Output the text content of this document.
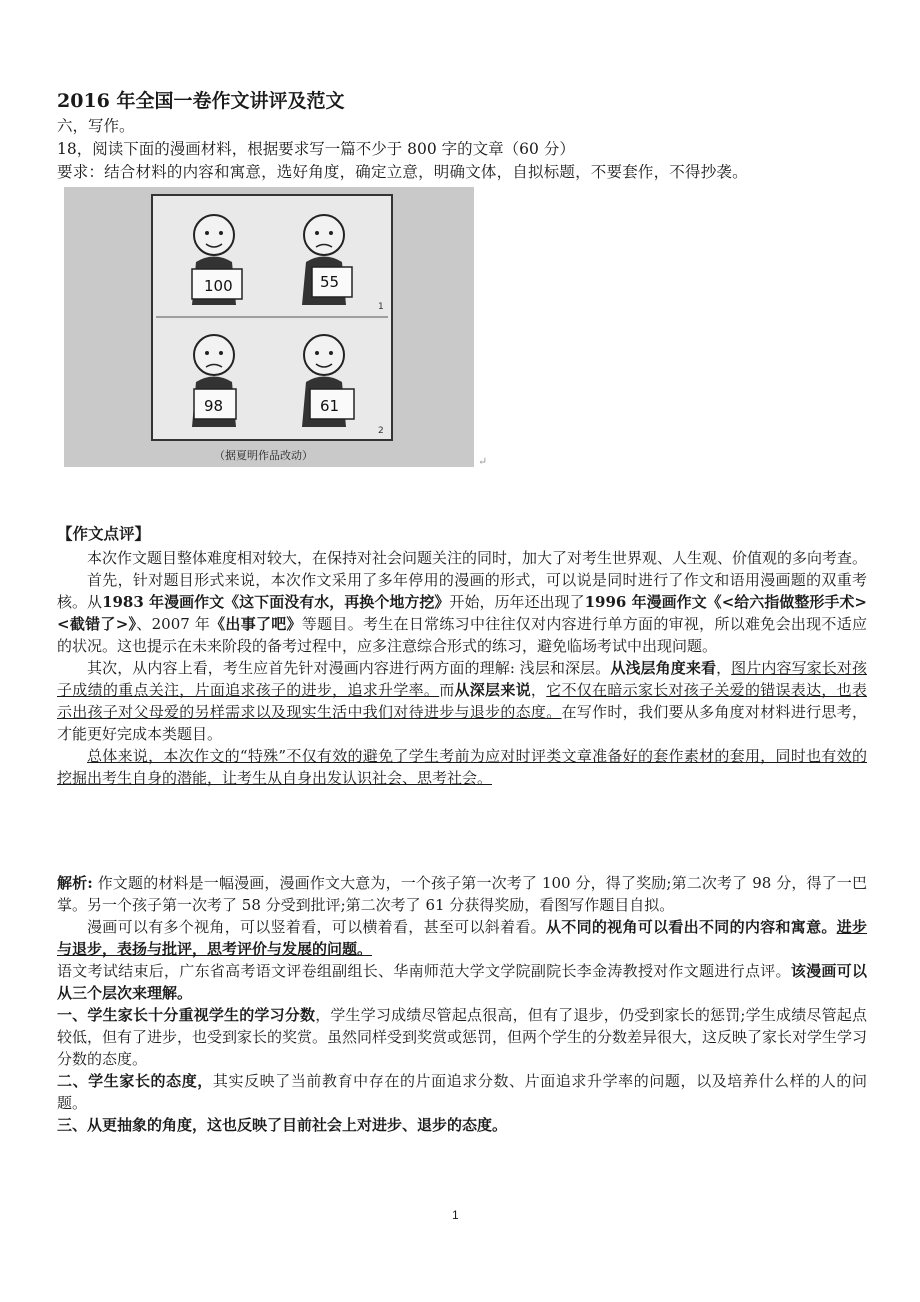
2016 年全国一卷作文讲评及范文
六，写作。
18，阅读下面的漫画材料，根据要求写一篇不少于 800 字的文章（60 分）
要求：结合材料的内容和寓意，选好角度，确定立意，明确文体，自拟标题，不要套作，不得抄袭。
100	55
98	61
1
2
（据夏明作品改动）	↵
【作文点评】

本次作文题目整体难度相对较大，在保持对社会问题关注的同时，加大了对考生世界观、人生观、价值观的多向考查。

首先，针对题目形式来说，本次作文采用了多年停用的漫画的形式，可以说是同时进行了作文和语用漫画题的双重考核。从1983 年漫画作文《这下面没有水，再换个地方挖》开始，历年还出现了1996 年漫画作文《<给六指做整形手术><截错了>》、2007 年《出事了吧》等题目。考生在日常练习中往往仅对内容进行单方面的审视，所以难免会出现不适应的状况。这也提示在未来阶段的备考过程中，应多注意综合形式的练习，避免临场考试中出现问题。

其次，从内容上看，考生应首先针对漫画内容进行两方面的理解: 浅层和深层。从浅层角度来看，图片内容写家长对孩子成绩的重点关注，片面追求孩子的进步，追求升学率。而从深层来说，它不仅在暗示家长对孩子关爱的错误表达，也表示出孩子对父母爱的另样需求以及现实生活中我们对待进步与退步的态度。在写作时，我们要从多角度对材料进行思考，才能更好完成本类题目。

总体来说，本次作文的“特殊”不仅有效的避免了学生考前为应对时评类文章准备好的套作素材的套用，同时也有效的挖掘出考生自身的潜能，让考生从自身出发认识社会、思考社会。

解析: 作文题的材料是一幅漫画，漫画作文大意为，一个孩子第一次考了 100 分，得了奖励;第二次考了 98 分，得了一巴掌。另一个孩子第一次考了 58 分受到批评;第二次考了 61 分获得奖励，看图写作题目自拟。

漫画可以有多个视角，可以竖着看，可以横着看，甚至可以斜着看。从不同的视角可以看出不同的内容和寓意。进步与退步，表扬与批评，思考评价与发展的问题。

语文考试结束后，广东省高考语文评卷组副组长、华南师范大学文学院副院长李金涛教授对作文题进行点评。该漫画可以从三个层次来理解。

一、学生家长十分重视学生的学习分数，学生学习成绩尽管起点很高，但有了退步，仍受到家长的惩罚;学生成绩尽管起点较低，但有了进步，也受到家长的奖赏。虽然同样受到奖赏或惩罚，但两个学生的分数差异很大，这反映了家长对学生学习分数的态度。

二、学生家长的态度，其实反映了当前教育中存在的片面追求分数、片面追求升学率的问题，以及培养什么样的人的问题。

三、从更抽象的角度，这也反映了目前社会上对进步、退步的态度。

1
